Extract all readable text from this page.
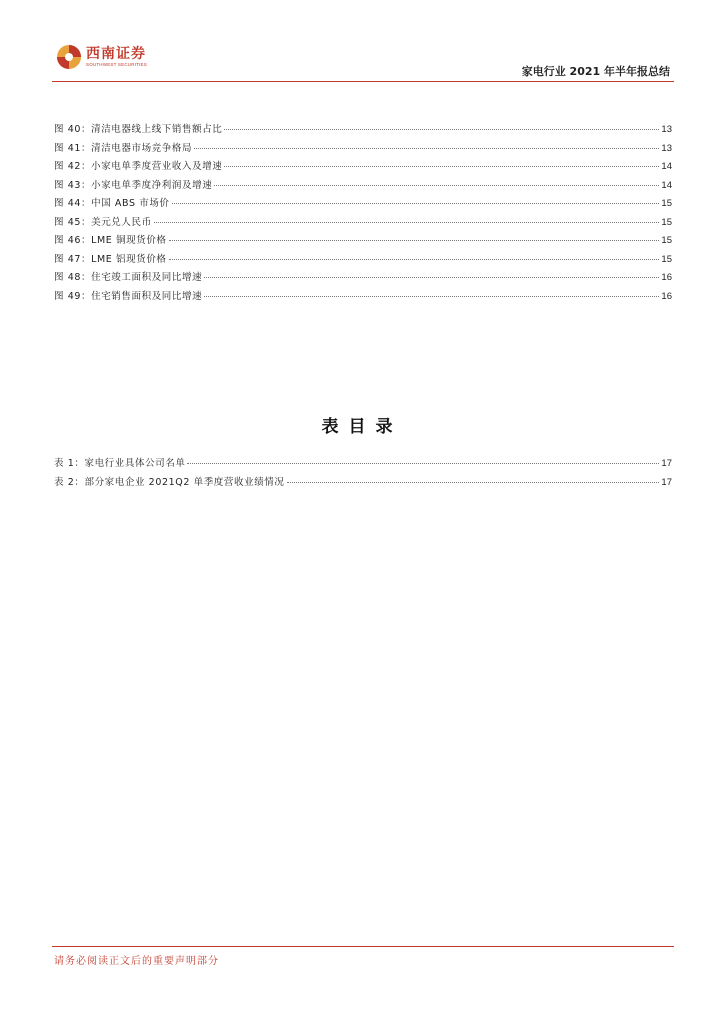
西南证券
SOUTHWEST SECURITIES
家电行业 2021 年半年报总结
图 40：清洁电器线上线下销售额占比	13
图 41：清洁电器市场竞争格局	13
图 42：小家电单季度营业收入及增速	14
图 43：小家电单季度净利润及增速	14
图 44：中国 ABS 市场价	15
图 45：美元兑人民币	15
图 46：LME 铜现货价格	15
图 47：LME 铝现货价格	15
图 48：住宅竣工面积及同比增速	16
图 49：住宅销售面积及同比增速	16
表目录
表 1：家电行业具体公司名单	17
表 2：部分家电企业 2021Q2 单季度营收业绩情况	17
请务必阅读正文后的重要声明部分
